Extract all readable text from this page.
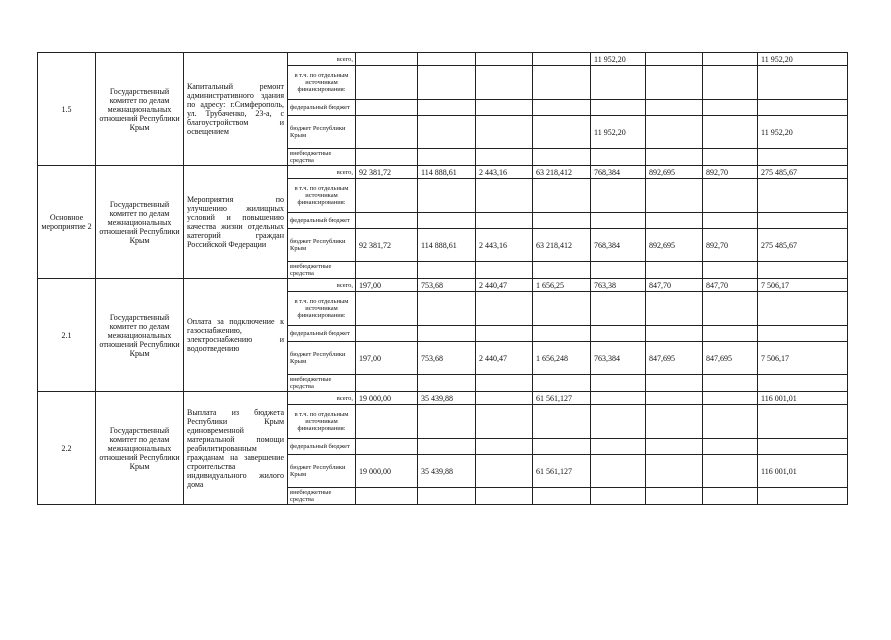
1.5	Государственный комитет по делам межнациональных отношений Республики Крым	Капитальный ремонт административного здания по адресу: г.Симферополь, ул. Трубаченко, 23-а, с благоустройством и освещением	всего,					11 952,20			11 952,20
			в т.ч. по отдельным источникам финансирования:								
			федеральный бюджет								
			бюджет Республики Крым					11 952,20			11 952,20
			внебюджетные средства								
Основное мероприятие 2	Государственный комитет по делам межнациональных отношений Республики Крым	Мероприятия по улучшению жилищных условий и повышению качества жизни отдельных категорий граждан Российской Федерации	всего,	92 381,72	114 888,61	2 443,16	63 218,412	768,384	892,695	892,70	275 485,67
			в т.ч. по отдельным источникам финансирования:								
			федеральный бюджет								
			бюджет Республики Крым	92 381,72	114 888,61	2 443,16	63 218,412	768,384	892,695	892,70	275 485,67
			внебюджетные средства								
2.1	Государственный комитет по делам межнациональных отношений Республики Крым	Оплата за подключение к газоснабжению, электроснабжению и водоотведению	всего,	197,00	753,68	2 440,47	1 656,25	763,38	847,70	847,70	7 506,17
			в т.ч. по отдельным источникам финансирования:								
			федеральный бюджет								
			бюджет Республики Крым	197,00	753,68	2 440,47	1 656,248	763,384	847,695	847,695	7 506,17
			внебюджетные средства								
2.2	Государственный комитет по делам межнациональных отношений Республики Крым	Выплата из бюджета Республики Крым единовременной материальной помощи реабилитированным гражданам на завершение строительства индивидуального жилого дома	всего,	19 000,00	35 439,88		61 561,127				116 001,01
			в т.ч. по отдельным источникам финансирования:								
			федеральный бюджет								
			бюджет Республики Крым	19 000,00	35 439,88		61 561,127				116 001,01
			внебюджетные средства								
